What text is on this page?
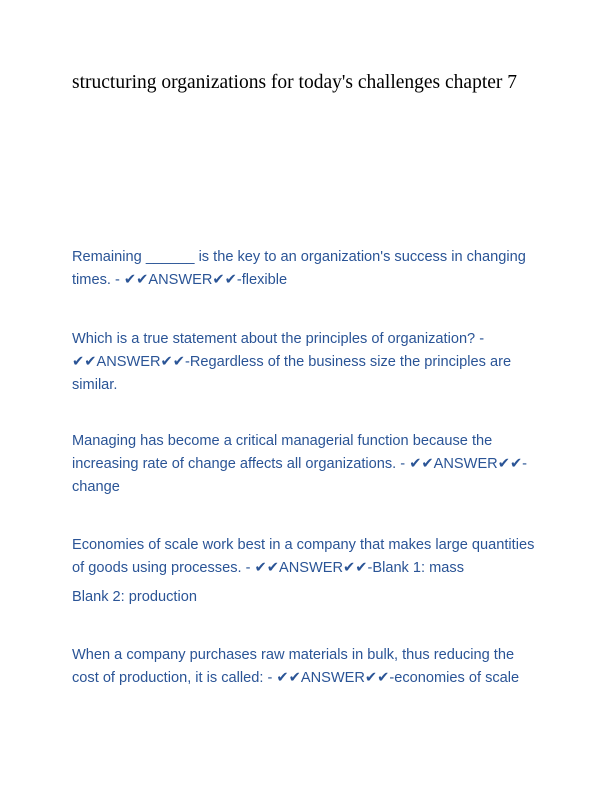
structuring organizations for today's challenges chapter 7

Remaining ______ is the key to an organization's success in changing
times. - ✔✔ANSWER✔✔-flexible

Which is a true statement about the principles of organization? -
✔✔ANSWER✔✔-Regardless of the business size the principles are
similar.

Managing has become a critical managerial function because the
increasing rate of change affects all organizations. - ✔✔ANSWER✔✔-
change

Economies of scale work best in a company that makes large quantities
of goods using processes. - ✔✔ANSWER✔✔-Blank 1: mass
Blank 2: production

When a company purchases raw materials in bulk, thus reducing the
cost of production, it is called: - ✔✔ANSWER✔✔-economies of scale
